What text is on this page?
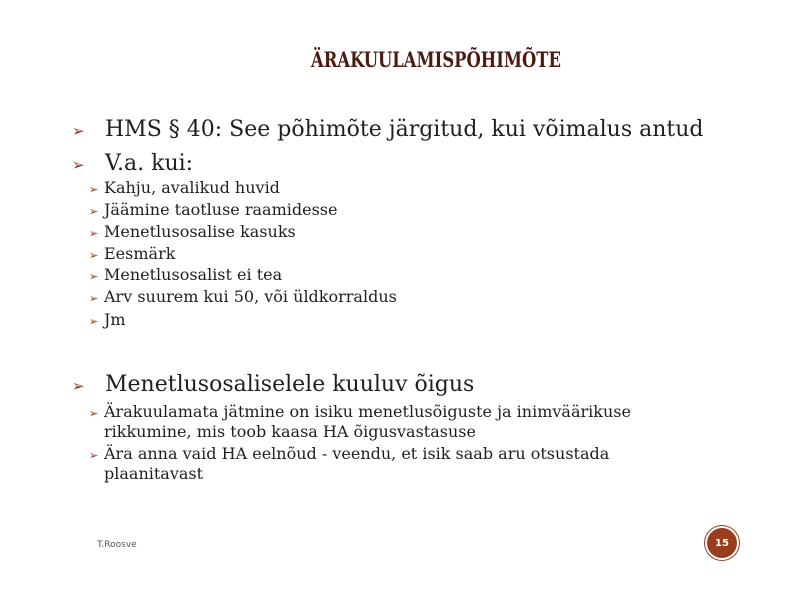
ÄRAKUULAMISPÕHIMÕTE
➢ HMS § 40: See põhimõte järgitud, kui võimalus antud
➢ V.a. kui:
➢ Kahju, avalikud huvid
➢ Jäämine taotluse raamidesse
➢ Menetlusosalise kasuks
➢ Eesmärk
➢ Menetlusosalist ei tea
➢ Arv suurem kui 50, või üldkorraldus
➢ Jm
➢ Menetlusosaliselele kuuluv õigus
➢ Ärakuulamata jätmine on isiku menetlusõiguste ja inimväärikuse rikkumine, mis toob kaasa HA õigusvastasuse
➢ Ära anna vaid HA eelnõud - veendu, et isik saab aru otsustada plaanitavast
T.Roosve	15
